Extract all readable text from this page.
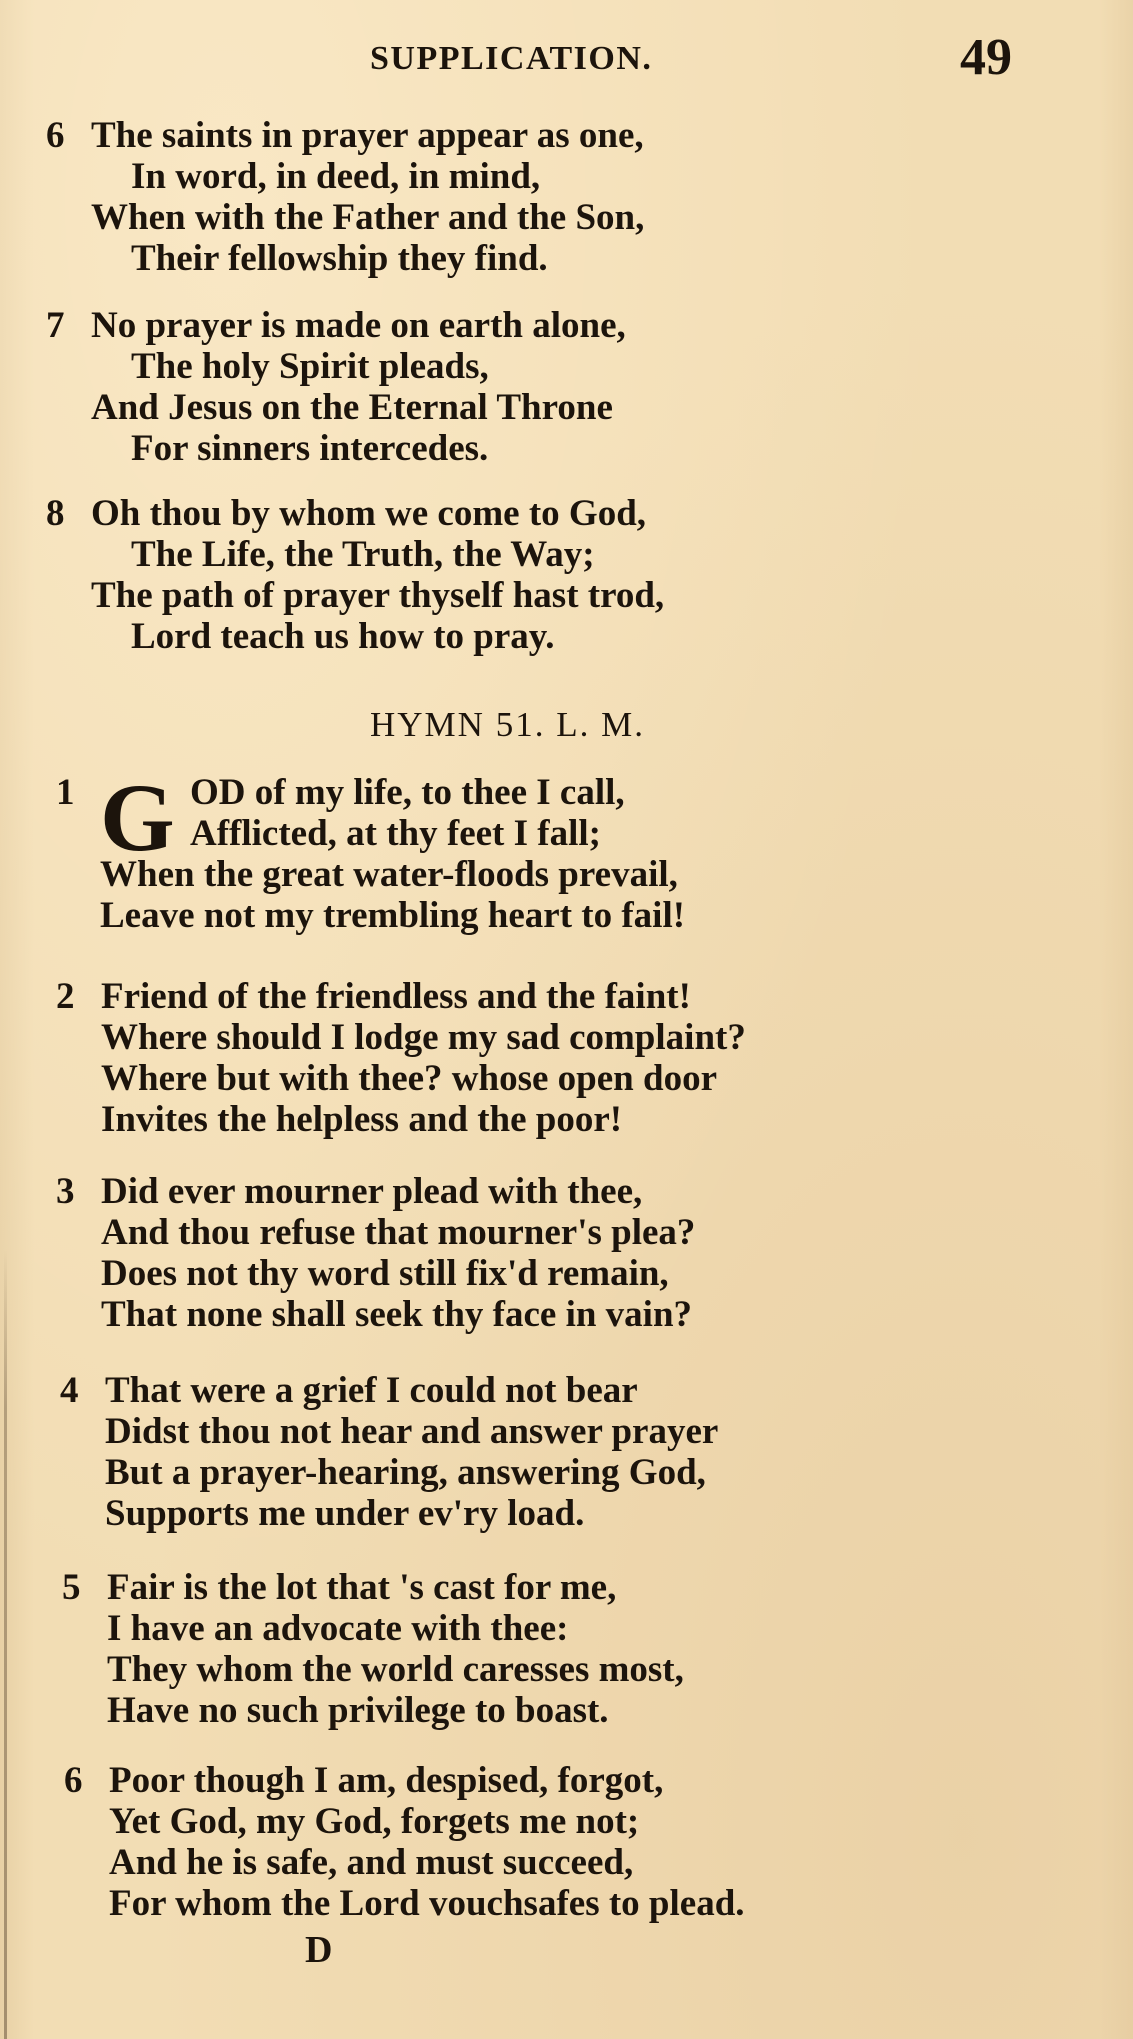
SUPPLICATION.	49
6 The saints in prayer appear as one,
In word, in deed, in mind,
When with the Father and the Son,
Their fellowship they find.
7 No prayer is made on earth alone,
The holy Spirit pleads,
And Jesus on the Eternal Throne
For sinners intercedes.
8 Oh thou by whom we come to God,
The Life, the Truth, the Way;
The path of prayer thyself hast trod,
Lord teach us how to pray.
HYMN 51. L. M.
G
1	OD of my life, to thee I call,
Afflicted, at thy feet I fall;
When the great water-floods prevail,
Leave not my trembling heart to fail!
2 Friend of the friendless and the faint!
Where should I lodge my sad complaint?
Where but with thee? whose open door
Invites the helpless and the poor!
3 Did ever mourner plead with thee,
And thou refuse that mourner's plea?
Does not thy word still fix'd remain,
That none shall seek thy face in vain?
4 That were a grief I could not bear
Didst thou not hear and answer prayer
But a prayer-hearing, answering God,
Supports me under ev'ry load.
5 Fair is the lot that 's cast for me,
I have an advocate with thee:
They whom the world caresses most,
Have no such privilege to boast.
6 Poor though I am, despised, forgot,
Yet God, my God, forgets me not;
And he is safe, and must succeed,
For whom the Lord vouchsafes to plead.
D
